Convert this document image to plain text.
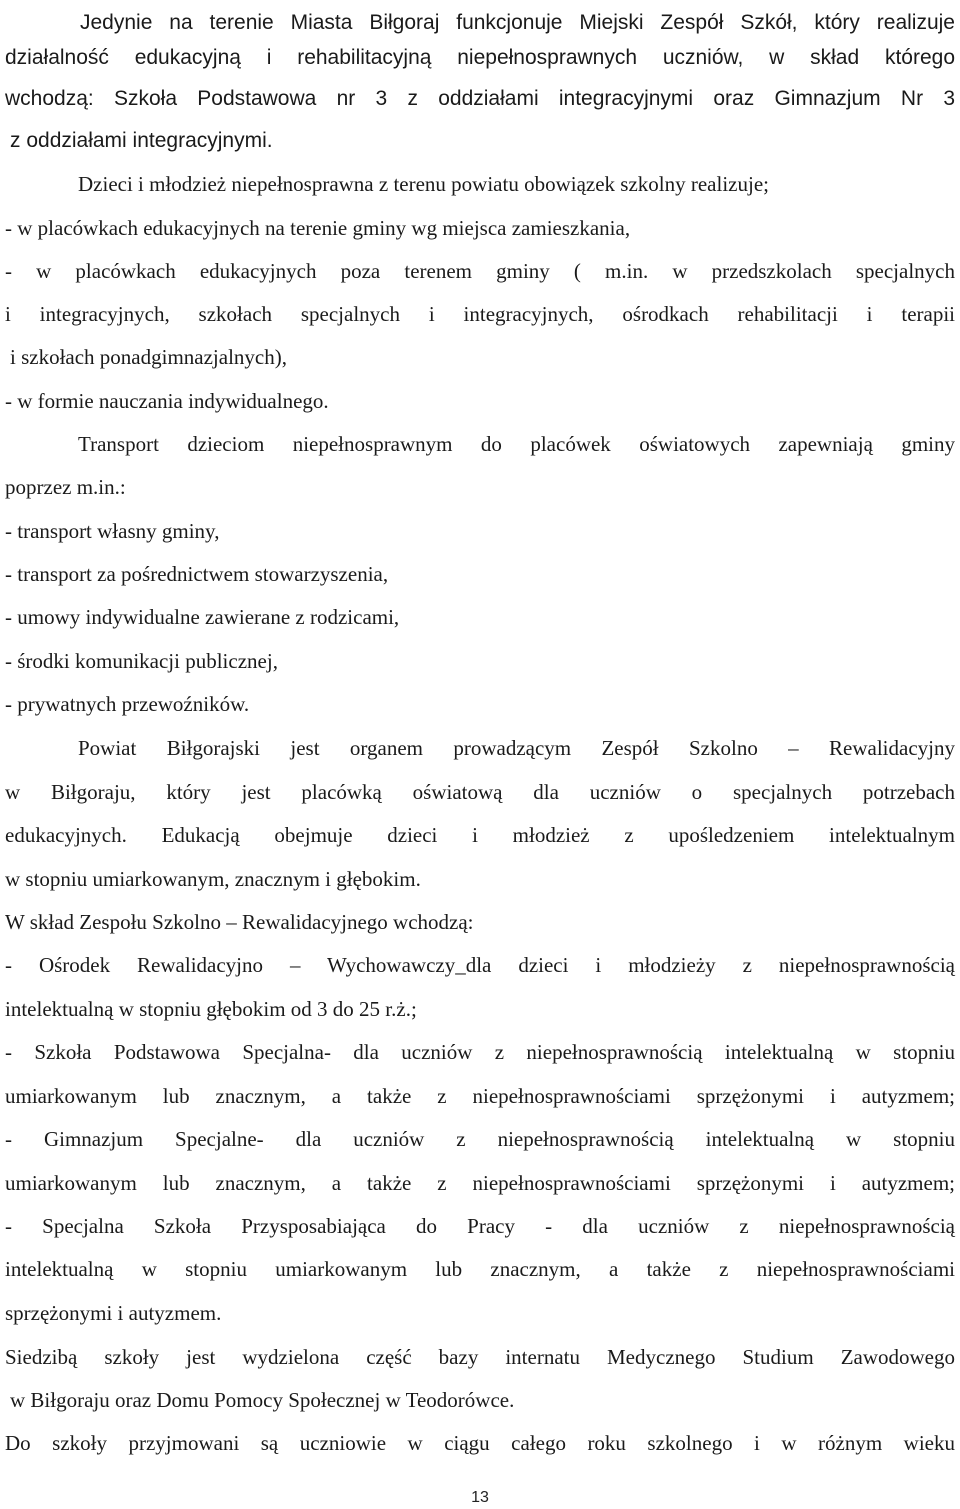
Jedynie na terenie Miasta Biłgoraj funkcjonuje Miejski Zespół Szkół, który realizuje

działalność edukacyjną i rehabilitacyjną niepełnosprawnych uczniów, w skład którego

wchodzą: Szkoła Podstawowa nr 3 z oddziałami integracyjnymi oraz Gimnazjum Nr 3

z oddziałami integracyjnymi.

Dzieci i młodzież niepełnosprawna z terenu powiatu obowiązek szkolny realizuje;

- w placówkach edukacyjnych na terenie gminy wg miejsca zamieszkania,

- w placówkach edukacyjnych poza terenem gminy ( m.in. w przedszkolach specjalnych

i integracyjnych, szkołach specjalnych i integracyjnych, ośrodkach rehabilitacji i terapii

i szkołach ponadgimnazjalnych),

- w formie nauczania indywidualnego.

Transport dzieciom niepełnosprawnym do placówek oświatowych zapewniają gminy

poprzez m.in.:

- transport własny gminy,

- transport za pośrednictwem stowarzyszenia,

- umowy indywidualne zawierane z rodzicami,

- środki komunikacji publicznej,

- prywatnych przewoźników.

Powiat Biłgorajski jest organem prowadzącym Zespół Szkolno – Rewalidacyjny

w Biłgoraju, który jest placówką oświatową dla uczniów o specjalnych potrzebach

edukacyjnych. Edukacją obejmuje dzieci i młodzież z upośledzeniem intelektualnym

w stopniu umiarkowanym, znacznym i głębokim.

W skład Zespołu Szkolno – Rewalidacyjnego wchodzą:

- Ośrodek Rewalidacyjno – Wychowawczy_dla dzieci i młodzieży z niepełnosprawnością

intelektualną w stopniu głębokim od 3 do 25 r.ż.;

- Szkoła Podstawowa Specjalna- dla uczniów z niepełnosprawnością intelektualną w stopniu

umiarkowanym lub znacznym, a także z niepełnosprawnościami sprzężonymi i autyzmem;

- Gimnazjum Specjalne- dla uczniów z niepełnosprawnością intelektualną w stopniu

umiarkowanym lub znacznym, a także z niepełnosprawnościami sprzężonymi i autyzmem;

- Specjalna Szkoła Przysposabiająca do Pracy - dla uczniów z niepełnosprawnością

intelektualną w stopniu umiarkowanym lub znacznym, a także z niepełnosprawnościami

sprzężonymi i autyzmem.

Siedzibą szkoły jest wydzielona część bazy internatu Medycznego Studium Zawodowego

w Biłgoraju oraz Domu Pomocy Społecznej w Teodorówce.

Do szkoły przyjmowani są uczniowie w ciągu całego roku szkolnego i w różnym wieku

13
